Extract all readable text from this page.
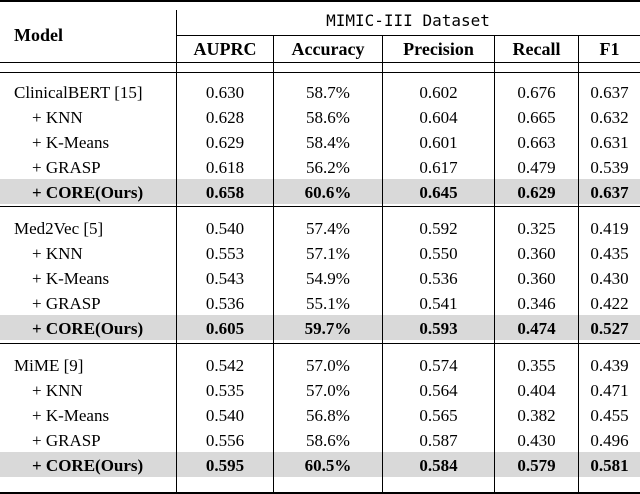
Model
MIMIC-III Dataset
AUPRC	Accuracy	Precision	Recall	F1
ClinicalBERT [15]	0.630	58.7%	0.602	0.676	0.637
+ KNN	0.628	58.6%	0.604	0.665	0.632
+ K-Means	0.629	58.4%	0.601	0.663	0.631
+ GRASP	0.618	56.2%	0.617	0.479	0.539
+ CORE(Ours)	0.658	60.6%	0.645	0.629	0.637
Med2Vec [5]	0.540	57.4%	0.592	0.325	0.419
+ KNN	0.553	57.1%	0.550	0.360	0.435
+ K-Means	0.543	54.9%	0.536	0.360	0.430
+ GRASP	0.536	55.1%	0.541	0.346	0.422
+ CORE(Ours)	0.605	59.7%	0.593	0.474	0.527
MiME [9]	0.542	57.0%	0.574	0.355	0.439
+ KNN	0.535	57.0%	0.564	0.404	0.471
+ K-Means	0.540	56.8%	0.565	0.382	0.455
+ GRASP	0.556	58.6%	0.587	0.430	0.496
+ CORE(Ours)	0.595	60.5%	0.584	0.579	0.581
